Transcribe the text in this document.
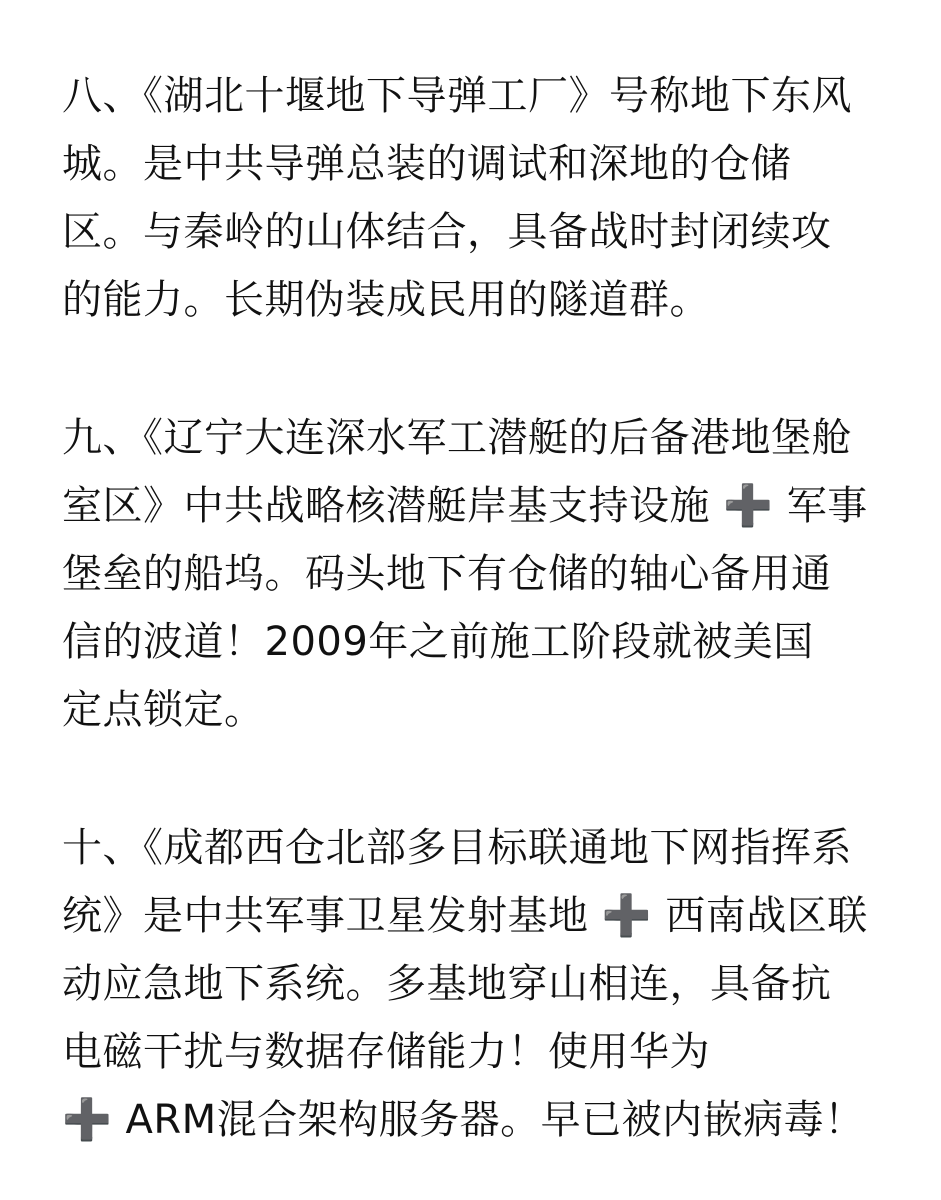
八、《湖北十堰地下导弹工厂》号称地下东风
城。是中共导弹总装的调试和深地的仓储
区。与秦岭的山体结合，具备战时封闭续攻
的能力。长期伪装成民用的隧道群。
九、《辽宁大连深水军工潜艇的后备港地堡舱
室区》中共战略核潜艇岸基支持设施 ➕ 军事
堡垒的船坞。码头地下有仓储的轴心备用通
信的波道！2009年之前施工阶段就被美国
定点锁定。
十、《成都西仓北部多目标联通地下网指挥系
统》是中共军事卫星发射基地 ➕ 西南战区联
动应急地下系统。多基地穿山相连，具备抗
电磁干扰与数据存储能力！使用华为
➕ ARM混合架构服务器。早已被内嵌病毒！
